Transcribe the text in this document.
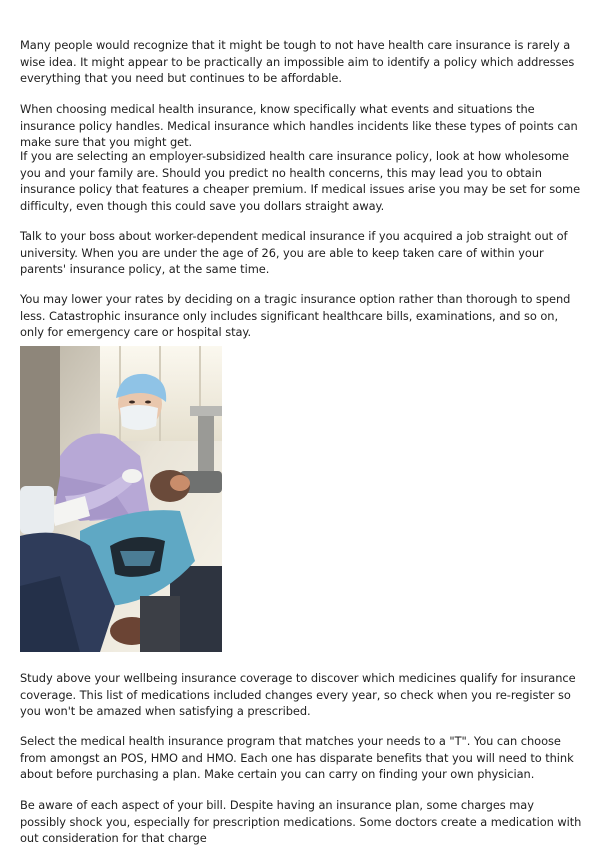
Many people would recognize that it might be tough to not have health care insurance is rarely a wise idea. It might appear to be practically an impossible aim to identify a policy which addresses everything that you need but continues to be affordable.

When choosing medical health insurance, know specifically what events and situations the insurance policy handles. Medical insurance which handles incidents like these types of points can make sure that you might get.

If you are selecting an employer-subsidized health care insurance policy, look at how wholesome you and your family are. Should you predict no health concerns, this may lead you to obtain insurance policy that features a cheaper premium. If medical issues arise you may be set for some difficulty, even though this could save you dollars straight away.

Talk to your boss about worker-dependent medical insurance if you acquired a job straight out of university. When you are under the age of 26, you are able to keep taken care of within your parents' insurance policy, at the same time.

You may lower your rates by deciding on a tragic insurance option rather than thorough to spend less. Catastrophic insurance only includes significant healthcare bills, examinations, and so on, only for emergency care or hospital stay.

Study above your wellbeing insurance coverage to discover which medicines qualify for insurance coverage. This list of medications included changes every year, so check when you re-register so you won't be amazed when satisfying a prescribed.

Select the medical health insurance program that matches your needs to a "T". You can choose from amongst an POS, HMO and HMO. Each one has disparate benefits that you will need to think about before purchasing a plan. Make certain you can carry on finding your own physician.

Be aware of each aspect of your bill. Despite having an insurance plan, some charges may possibly shock you, especially for prescription medications. Some doctors create a medication with out consideration for that charge
